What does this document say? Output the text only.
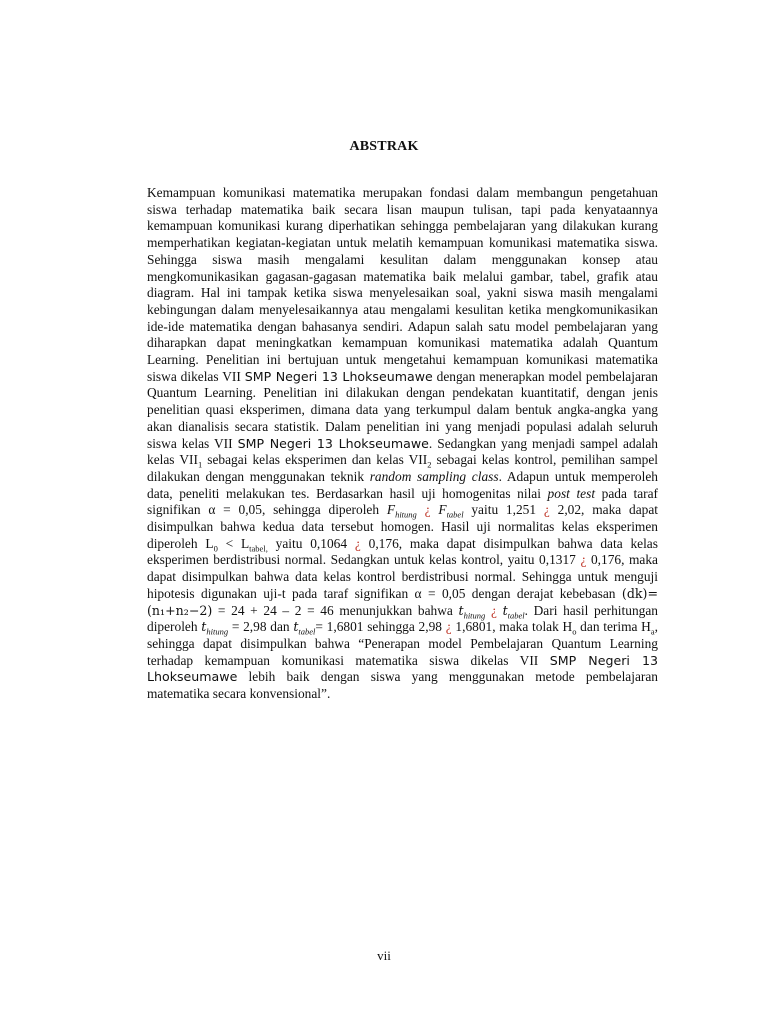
ABSTRAK

Kemampuan komunikasi matematika merupakan fondasi dalam membangun pengetahuan siswa terhadap matematika baik secara lisan maupun tulisan, tapi pada kenyataannya kemampuan komunikasi kurang diperhatikan sehingga pembelajaran yang dilakukan kurang memperhatikan kegiatan-kegiatan untuk melatih kemampuan komunikasi matematika siswa. Sehingga siswa masih mengalami kesulitan dalam menggunakan konsep atau mengkomunikasikan gagasan-gagasan matematika baik melalui gambar, tabel, grafik atau diagram. Hal ini tampak ketika siswa menyelesaikan soal, yakni siswa masih mengalami kebingungan dalam menyelesaikannya atau mengalami kesulitan ketika mengkomunikasikan ide-ide matematika dengan bahasanya sendiri. Adapun salah satu model pembelajaran yang diharapkan dapat meningkatkan kemampuan komunikasi matematika adalah Quantum Learning. Penelitian ini bertujuan untuk mengetahui kemampuan komunikasi matematika siswa dikelas VII SMP Negeri 13 Lhokseumawe dengan menerapkan model pembelajaran Quantum Learning. Penelitian ini dilakukan dengan pendekatan kuantitatif, dengan jenis penelitian quasi eksperimen, dimana data yang terkumpul dalam bentuk angka-angka yang akan dianalisis secara statistik. Dalam penelitian ini yang menjadi populasi adalah seluruh siswa kelas VII SMP Negeri 13 Lhokseumawe. Sedangkan yang menjadi sampel adalah kelas $VII_1$ sebagai kelas eksperimen dan kelas $VII_2$ sebagai kelas kontrol, pemilihan sampel dilakukan dengan menggunakan teknik random sampling class. Adapun untuk memperoleh data, peneliti melakukan tes. Berdasarkan hasil uji homogenitas nilai post test pada taraf signifikan α = 0,05, sehingga diperoleh $F_{hitung}$ ¿ $F_{tabel}$ yaitu 1,251 ¿ 2,02, maka dapat disimpulkan bahwa kedua data tersebut homogen. Hasil uji normalitas kelas eksperimen diperoleh $L_0 < L_{tabel,}$ yaitu 0,1064 ¿ 0,176, maka dapat disimpulkan bahwa data kelas eksperimen berdistribusi normal. Sedangkan untuk kelas kontrol, yaitu 0,1317 ¿ 0,176, maka dapat disimpulkan bahwa data kelas kontrol berdistribusi normal. Sehingga untuk menguji hipotesis digunakan uji-t pada taraf signifikan α = 0,05 dengan derajat kebebasan (dk)= (n₁+n₂−2) = 24 + 24 – 2 = 46 menunjukkan bahwa $t_{hitung}$ ¿ $t_{tabel}$. Dari hasil perhitungan diperoleh $t_{hitung} = 2,98$ dan $t_{tabel}= 1,6801$ sehingga 2,98 ¿ 1,6801, maka tolak $H_o$ dan terima $H_a$, sehingga dapat disimpulkan bahwa “Penerapan model Pembelajaran Quantum Learning terhadap kemampuan komunikasi matematika siswa dikelas VII SMP Negeri 13 Lhokseumawe lebih baik dengan siswa yang menggunakan metode pembelajaran matematika secara konvensional”.

vii
